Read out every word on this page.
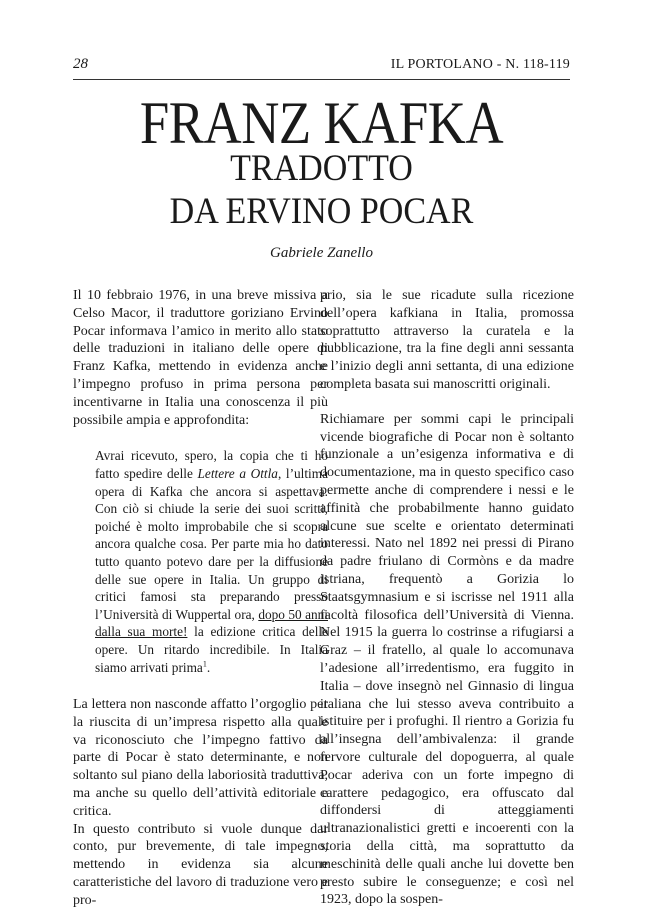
28	IL PORTOLANO - N. 118-119
FRANZ KAFKA
TRADOTTO
DA ERVINO POCAR
Gabriele Zanello

Il 10 febbraio 1976, in una breve missiva a Celso Macor, il traduttore goriziano Ervino Pocar informava l’amico in merito allo stato delle traduzioni in italiano delle opere di Franz Kafka, mettendo in evidenza anche l’impegno profuso in prima persona per incentivarne in Italia una conoscenza il più possibile ampia e approfondita:

Avrai ricevuto, spero, la copia che ti ho fatto spedire delle Lettere a Ottla, l’ultima opera di Kafka che ancora si aspettava. Con ciò si chiude la serie dei suoi scritti, poiché è molto improbabile che si scopra ancora qualche cosa. Per parte mia ho dato tutto quanto potevo dare per la diffusione delle sue opere in Italia. Un gruppo di critici famosi sta preparando presso l’Università di Wuppertal ora, dopo 50 anni dalla sua morte! la edizione critica delle opere. Un ritardo incredibile. In Italia siamo arrivati prima$^1$.

La lettera non nasconde affatto l’orgoglio per la riuscita di un’impresa rispetto alla quale va riconosciuto che l’impegno fattivo da parte di Pocar è stato determinante, e non soltanto sul piano della laboriosità traduttiva, ma anche su quello dell’attività editoriale e critica.

In questo contributo si vuole dunque dar conto, pur brevemente, di tale impegno, mettendo in evidenza sia alcune caratteristiche del lavoro di traduzione vero e pro-

prio, sia le sue ricadute sulla ricezione dell’opera kafkiana in Italia, promossa soprattutto attraverso la curatela e la pubblicazione, tra la fine degli anni sessanta e l’inizio degli anni settanta, di una edizione completa basata sui manoscritti originali.

Richiamare per sommi capi le principali vicende biografiche di Pocar non è soltanto funzionale a un’esigenza informativa e di documentazione, ma in questo specifico caso permette anche di comprendere i nessi e le affinità che probabilmente hanno guidato alcune sue scelte e orientato determinati interessi. Nato nel 1892 nei pressi di Pirano da padre friulano di Cormòns e da madre istriana, frequentò a Gorizia lo Staatsgymnasium e si iscrisse nel 1911 alla facoltà filosofica dell’Università di Vienna. Nel 1915 la guerra lo costrinse a rifugiarsi a Graz – il fratello, al quale lo accomunava l’adesione all’irredentismo, era fuggito in Italia – dove insegnò nel Ginnasio di lingua italiana che lui stesso aveva contribuito a istituire per i profughi. Il rientro a Gorizia fu all’insegna dell’ambivalenza: il grande fervore culturale del dopoguerra, al quale Pocar aderiva con un forte impegno di carattere pedagogico, era offuscato dal diffondersi di atteggiamenti ultranazionalistici gretti e incoerenti con la storia della città, ma soprattutto da meschinità delle quali anche lui dovette ben presto subire le conseguenze; e così nel 1923, dopo la sospen-
